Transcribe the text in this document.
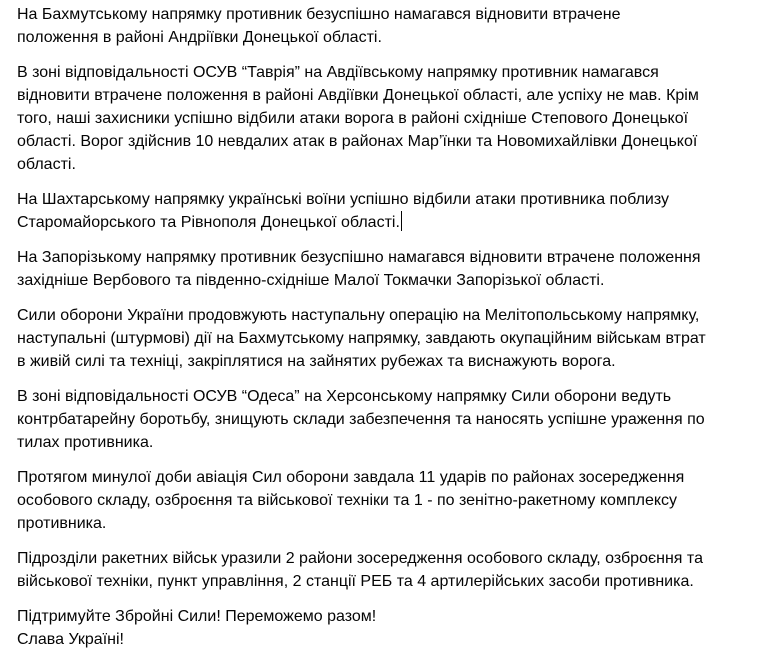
На Бахмутському напрямку противник безуспішно намагався відновити втрачене
положення в районі Андріївки Донецької області.

В зоні відповідальності ОСУВ “Таврія” на Авдіївському напрямку противник намагався
відновити втрачене положення в районі Авдіївки Донецької області, але успіху не мав. Крім
того, наші захисники успішно відбили атаки ворога в районі східніше Степового Донецької
області. Ворог здійснив 10 невдалих атак в районах Мар’їнки та Новомихайлівки Донецької
області.

На Шахтарському напрямку українські воїни успішно відбили атаки противника поблизу
Старомайорського та Рівнополя Донецької області.

На Запорізькому напрямку противник безуспішно намагався відновити втрачене положення
західніше Вербового та південно-східніше Малої Токмачки Запорізької області.

Сили оборони України продовжують наступальну операцію на Мелітопольському напрямку,
наступальні (штурмові) дії на Бахмутському напрямку, завдають окупаційним військам втрат
в живій силі та техніці, закріплятися на зайнятих рубежах та виснажують ворога.

В зоні відповідальності ОСУВ “Одеса” на Херсонському напрямку Сили оборони ведуть
контрбатарейну боротьбу, знищують склади забезпечення та наносять успішне ураження по
тилах противника.

Протягом минулої доби авіація Сил оборони завдала 11 ударів по районах зосередження
особового складу, озброєння та військової техніки та 1 - по зенітно-ракетному комплексу
противника.

Підрозділи ракетних військ уразили 2 райони зосередження особового складу, озброєння та
військової техніки, пункт управління, 2 станції РЕБ та 4 артилерійських засоби противника.

Підтримуйте Збройні Сили! Переможемо разом!
Слава Україні!
